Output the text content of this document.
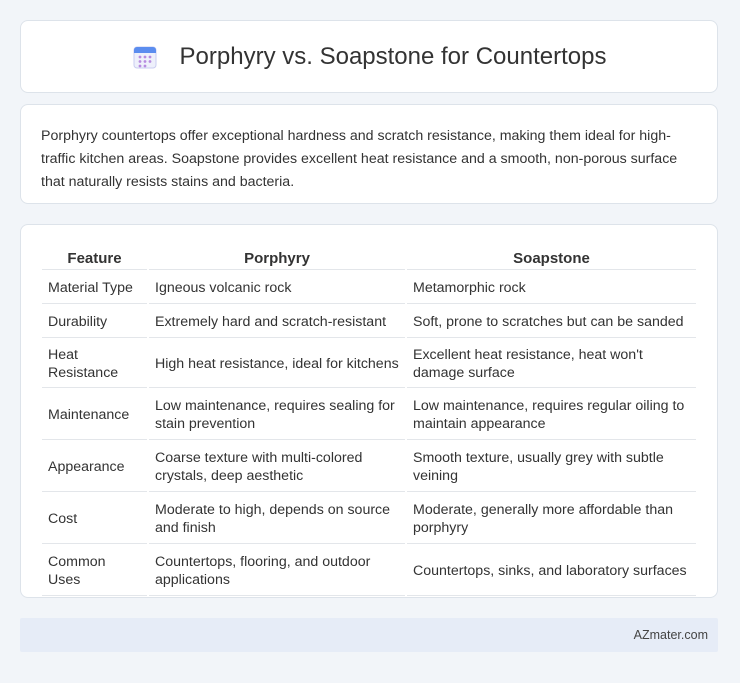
Porphyry vs. Soapstone for Countertops

Porphyry countertops offer exceptional hardness and scratch resistance, making them ideal for high-traffic kitchen areas. Soapstone provides excellent heat resistance and a smooth, non-porous surface that naturally resists stains and bacteria.

Feature	Porphyry	Soapstone
Material Type	Igneous volcanic rock	Metamorphic rock
Durability	Extremely hard and scratch-resistant	Soft, prone to scratches but can be sanded
Heat Resistance	High heat resistance, ideal for kitchens	Excellent heat resistance, heat won't damage surface
Maintenance	Low maintenance, requires sealing for stain prevention	Low maintenance, requires regular oiling to maintain appearance
Appearance	Coarse texture with multi-colored crystals, deep aesthetic	Smooth texture, usually grey with subtle veining
Cost	Moderate to high, depends on source and finish	Moderate, generally more affordable than porphyry
Common Uses	Countertops, flooring, and outdoor applications	Countertops, sinks, and laboratory surfaces
AZmater.com
